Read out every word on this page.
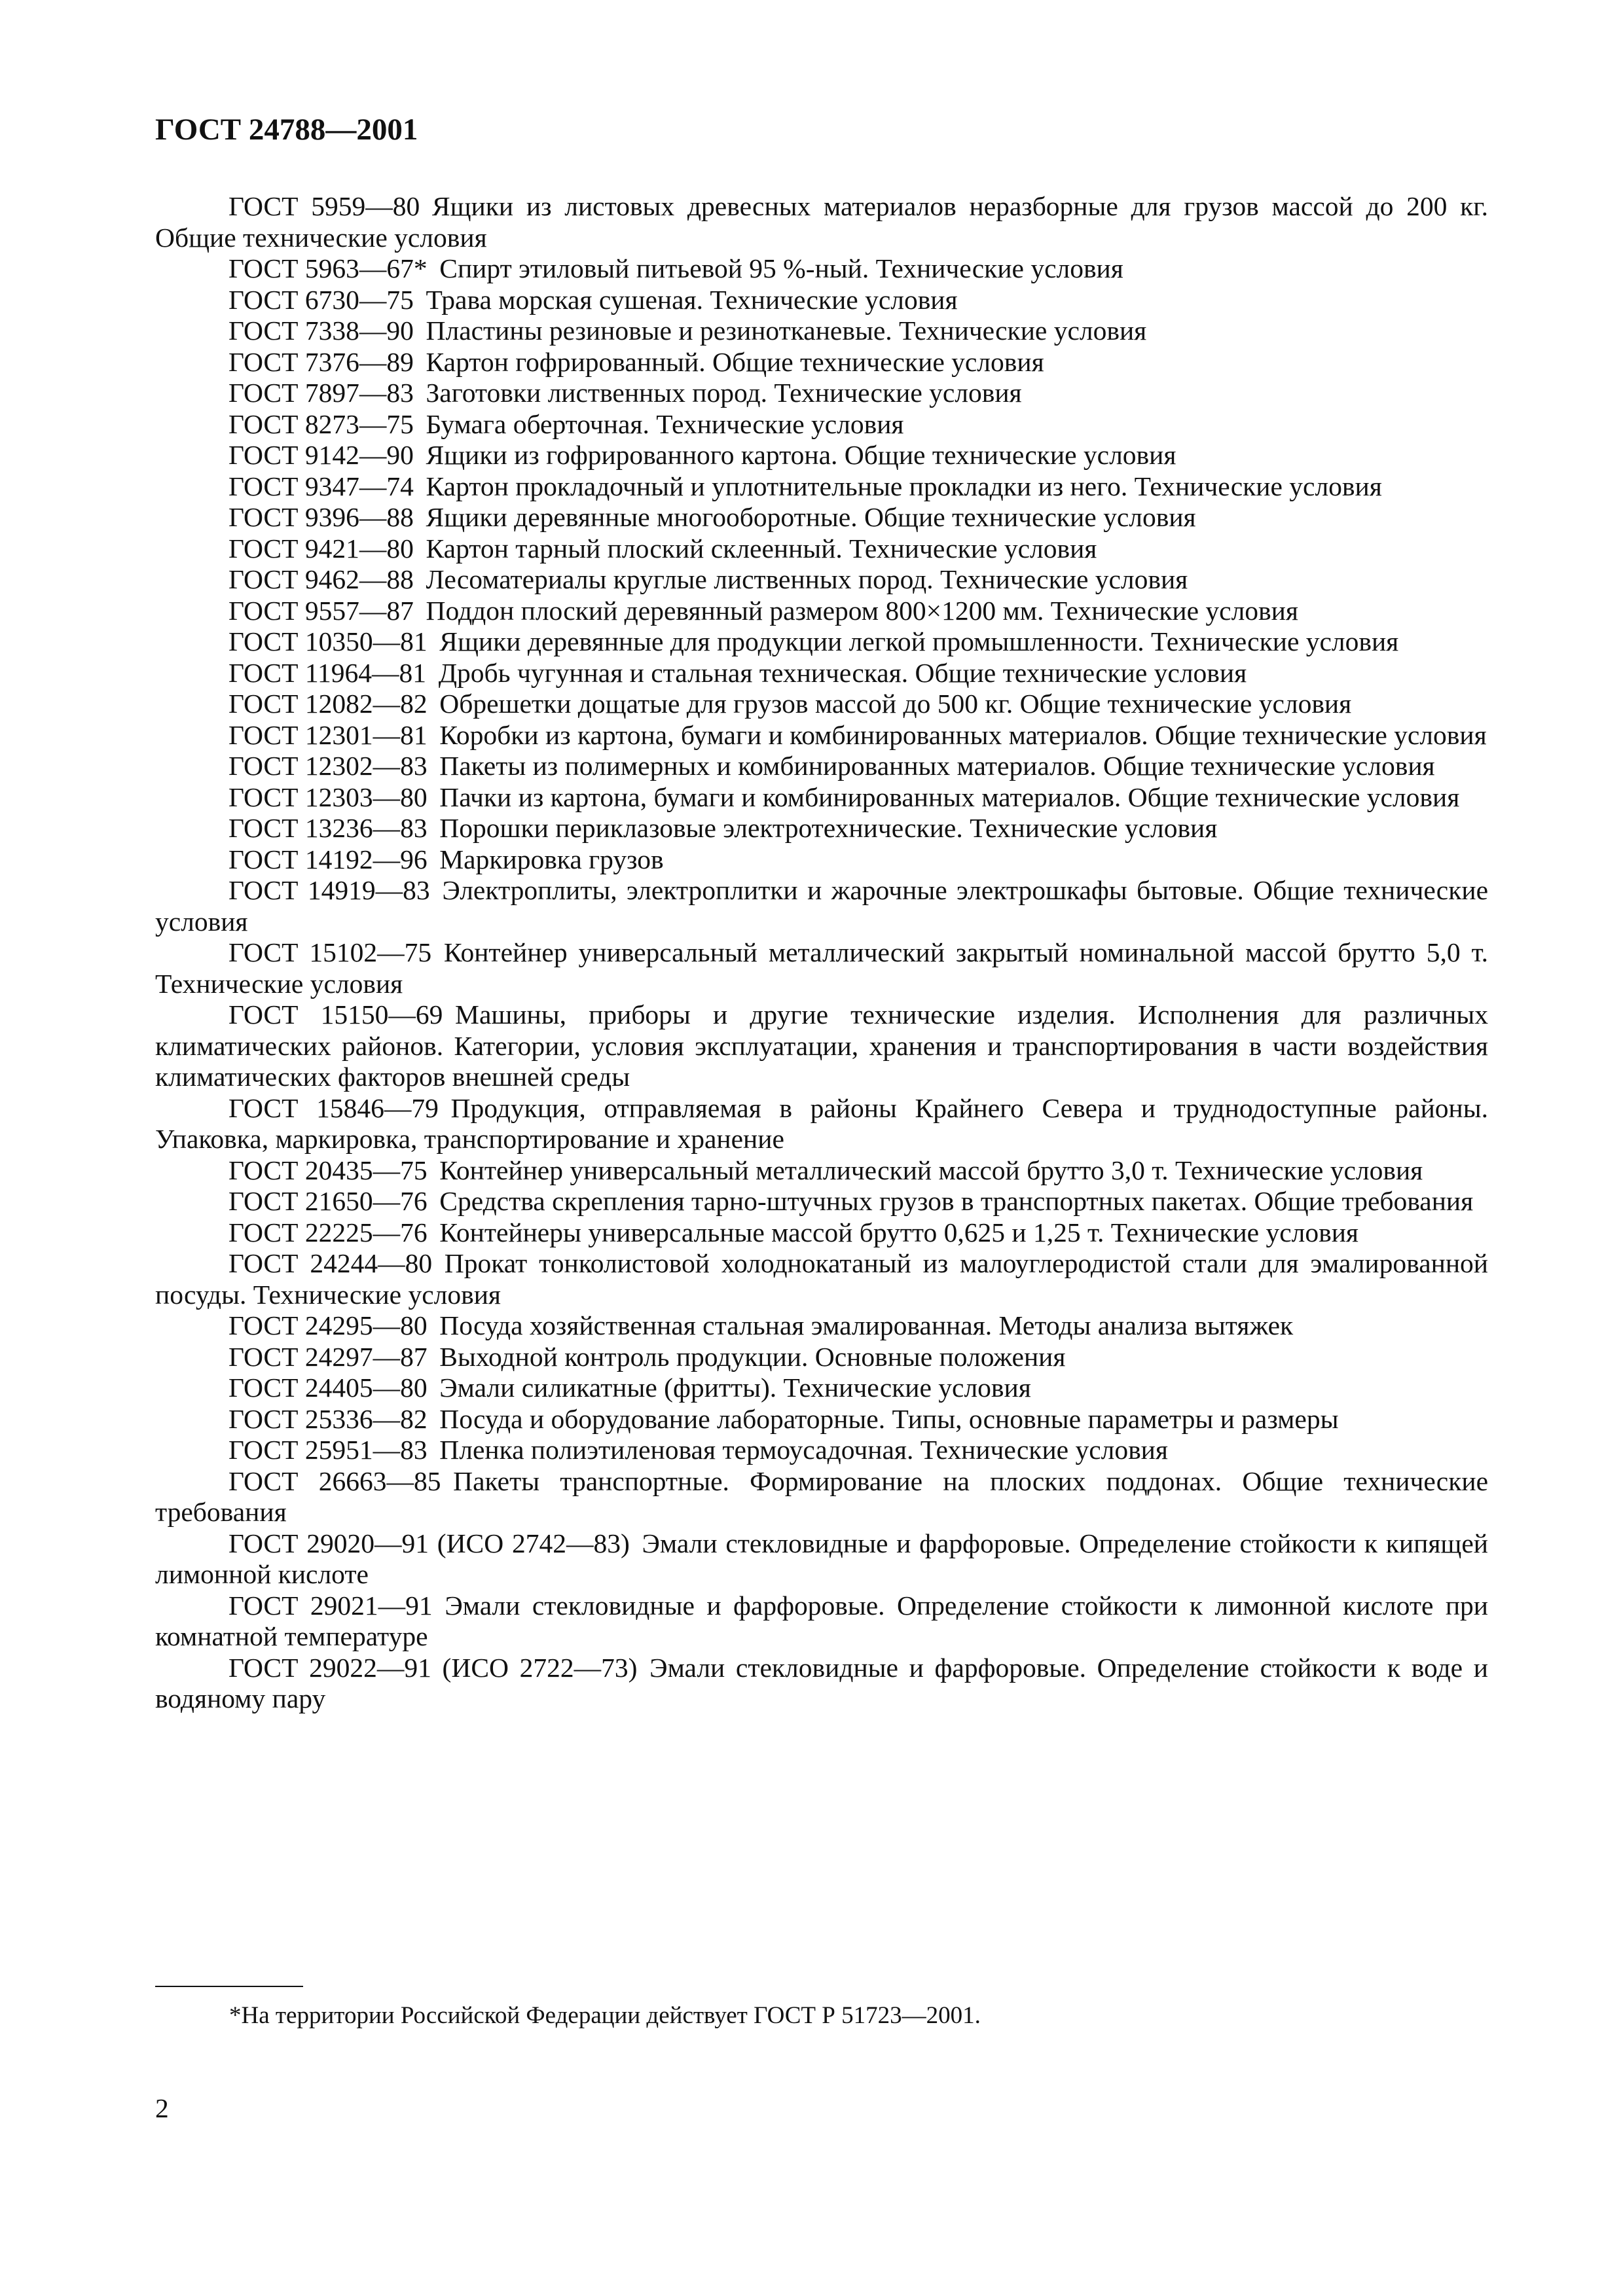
ГОСТ 24788—2001
ГОСТ 5959—80 Ящики из листовых древесных материалов неразборные для грузов массой до 200 кг. Общие технические условия
ГОСТ 5963—67* Спирт этиловый питьевой 95 %-ный. Технические условия
ГОСТ 6730—75 Трава морская сушеная. Технические условия
ГОСТ 7338—90 Пластины резиновые и резинотканевые. Технические условия
ГОСТ 7376—89 Картон гофрированный. Общие технические условия
ГОСТ 7897—83 Заготовки лиственных пород. Технические условия
ГОСТ 8273—75 Бумага оберточная. Технические условия
ГОСТ 9142—90 Ящики из гофрированного картона. Общие технические условия
ГОСТ 9347—74 Картон прокладочный и уплотнительные прокладки из него. Технические условия
ГОСТ 9396—88 Ящики деревянные многооборотные. Общие технические условия
ГОСТ 9421—80 Картон тарный плоский склеенный. Технические условия
ГОСТ 9462—88 Лесоматериалы круглые лиственных пород. Технические условия
ГОСТ 9557—87 Поддон плоский деревянный размером 800×1200 мм. Технические условия
ГОСТ 10350—81 Ящики деревянные для продукции легкой промышленности. Технические условия
ГОСТ 11964—81 Дробь чугунная и стальная техническая. Общие технические условия
ГОСТ 12082—82 Обрешетки дощатые для грузов массой до 500 кг. Общие технические условия
ГОСТ 12301—81 Коробки из картона, бумаги и комбинированных материалов. Общие технические условия
ГОСТ 12302—83 Пакеты из полимерных и комбинированных материалов. Общие технические условия
ГОСТ 12303—80 Пачки из картона, бумаги и комбинированных материалов. Общие технические условия
ГОСТ 13236—83 Порошки периклазовые электротехнические. Технические условия
ГОСТ 14192—96 Маркировка грузов
ГОСТ 14919—83 Электроплиты, электроплитки и жарочные электрошкафы бытовые. Общие технические условия
ГОСТ 15102—75 Контейнер универсальный металлический закрытый номинальной массой брутто 5,0 т. Технические условия
ГОСТ 15150—69 Машины, приборы и другие технические изделия. Исполнения для различных климатических районов. Категории, условия эксплуатации, хранения и транспортирования в части воздействия климатических факторов внешней среды
ГОСТ 15846—79 Продукция, отправляемая в районы Крайнего Севера и труднодоступные районы. Упаковка, маркировка, транспортирование и хранение
ГОСТ 20435—75 Контейнер универсальный металлический массой брутто 3,0 т. Технические условия
ГОСТ 21650—76 Средства скрепления тарно-штучных грузов в транспортных пакетах. Общие требования
ГОСТ 22225—76 Контейнеры универсальные массой брутто 0,625 и 1,25 т. Технические условия
ГОСТ 24244—80 Прокат тонколистовой холоднокатаный из малоуглеродистой стали для эмалированной посуды. Технические условия
ГОСТ 24295—80 Посуда хозяйственная стальная эмалированная. Методы анализа вытяжек
ГОСТ 24297—87 Выходной контроль продукции. Основные положения
ГОСТ 24405—80 Эмали силикатные (фритты). Технические условия
ГОСТ 25336—82 Посуда и оборудование лабораторные. Типы, основные параметры и размеры
ГОСТ 25951—83 Пленка полиэтиленовая термоусадочная. Технические условия
ГОСТ 26663—85 Пакеты транспортные. Формирование на плоских поддонах. Общие технические требования
ГОСТ 29020—91 (ИСО 2742—83) Эмали стекловидные и фарфоровые. Определение стойкости к кипящей лимонной кислоте
ГОСТ 29021—91 Эмали стекловидные и фарфоровые. Определение стойкости к лимонной кислоте при комнатной температуре
ГОСТ 29022—91 (ИСО 2722—73) Эмали стекловидные и фарфоровые. Определение стойкости к воде и водяному пару
*На территории Российской Федерации действует ГОСТ Р 51723—2001.
2
